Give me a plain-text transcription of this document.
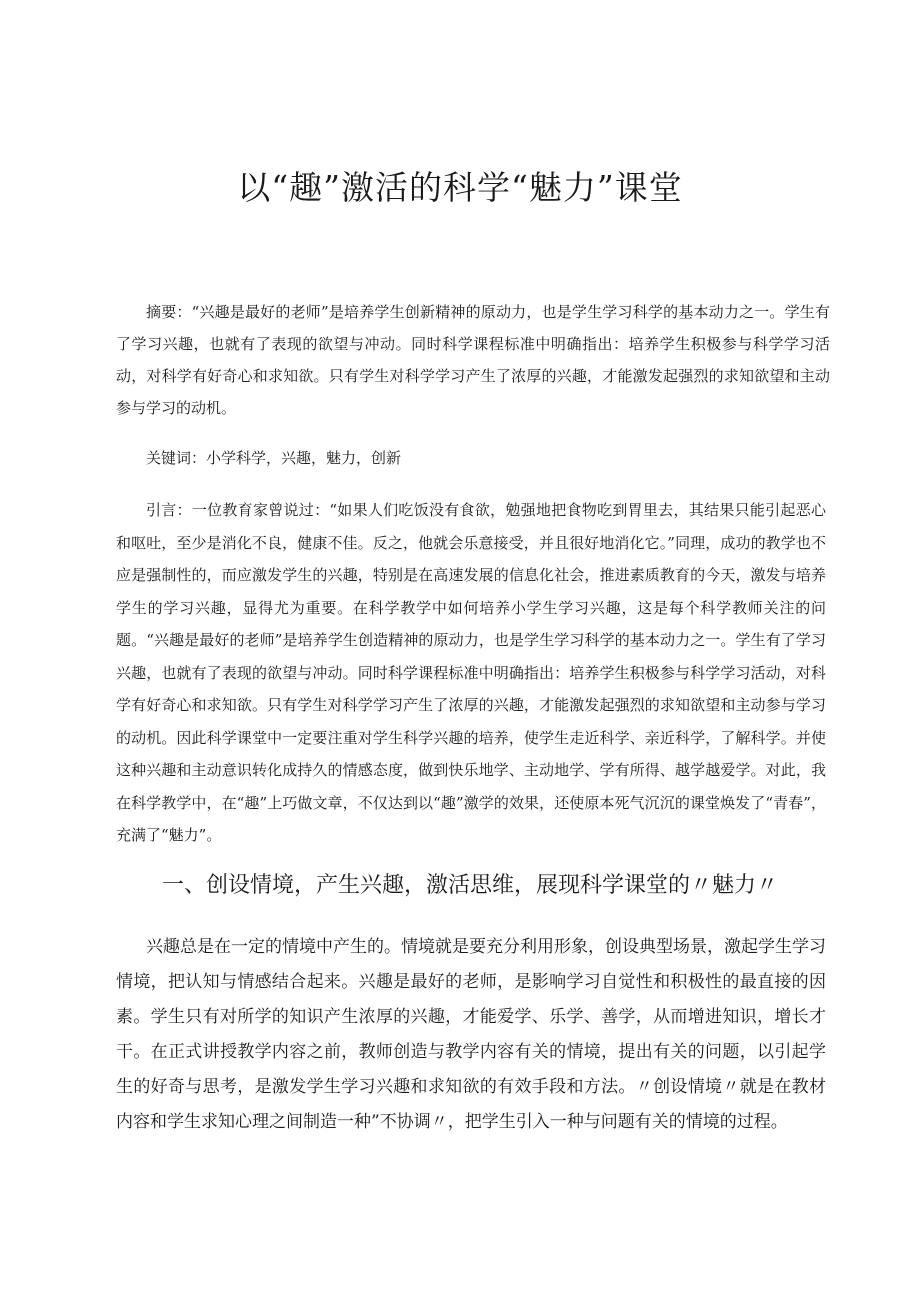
以“趣”激活的科学“魅力”课堂

摘要：“兴趣是最好的老师”是培养学生创新精神的原动力，也是学生学习科学的基本动力之一。学生有了学习兴趣，也就有了表现的欲望与冲动。同时科学课程标准中明确指出：培养学生积极参与科学学习活动，对科学有好奇心和求知欲。只有学生对科学学习产生了浓厚的兴趣，才能激发起强烈的求知欲望和主动参与学习的动机。

关键词：小学科学，兴趣，魅力，创新

引言：一位教育家曾说过：“如果人们吃饭没有食欲，勉强地把食物吃到胃里去，其结果只能引起恶心和呕吐，至少是消化不良，健康不佳。反之，他就会乐意接受，并且很好地消化它。”同理，成功的教学也不应是强制性的，而应激发学生的兴趣，特别是在高速发展的信息化社会，推进素质教育的今天，激发与培养学生的学习兴趣，显得尤为重要。在科学教学中如何培养小学生学习兴趣，这是每个科学教师关注的问题。“兴趣是最好的老师”是培养学生创造精神的原动力，也是学生学习科学的基本动力之一。学生有了学习兴趣，也就有了表现的欲望与冲动。同时科学课程标准中明确指出：培养学生积极参与科学学习活动，对科学有好奇心和求知欲。只有学生对科学学习产生了浓厚的兴趣，才能激发起强烈的求知欲望和主动参与学习的动机。因此科学课堂中一定要注重对学生科学兴趣的培养，使学生走近科学、亲近科学，了解科学。并使这种兴趣和主动意识转化成持久的情感态度，做到快乐地学、主动地学、学有所得、越学越爱学。对此，我在科学教学中，在“趣”上巧做文章，不仅达到以“趣”激学的效果，还使原本死气沉沉的课堂焕发了“青春”，充满了“魅力”。

一、创设情境，产生兴趣，激活思维，展现科学课堂的〃魅力〃

兴趣总是在一定的情境中产生的。情境就是要充分利用形象，创设典型场景，激起学生学习情境，把认知与情感结合起来。兴趣是最好的老师，是影响学习自觉性和积极性的最直接的因素。学生只有对所学的知识产生浓厚的兴趣，才能爱学、乐学、善学，从而增进知识，增长才干。在正式讲授教学内容之前，教师创造与教学内容有关的情境，提出有关的问题，以引起学生的好奇与思考，是激发学生学习兴趣和求知欲的有效手段和方法。〃创设情境〃就是在教材内容和学生求知心理之间制造一种”不协调〃，把学生引入一种与问题有关的情境的过程。
